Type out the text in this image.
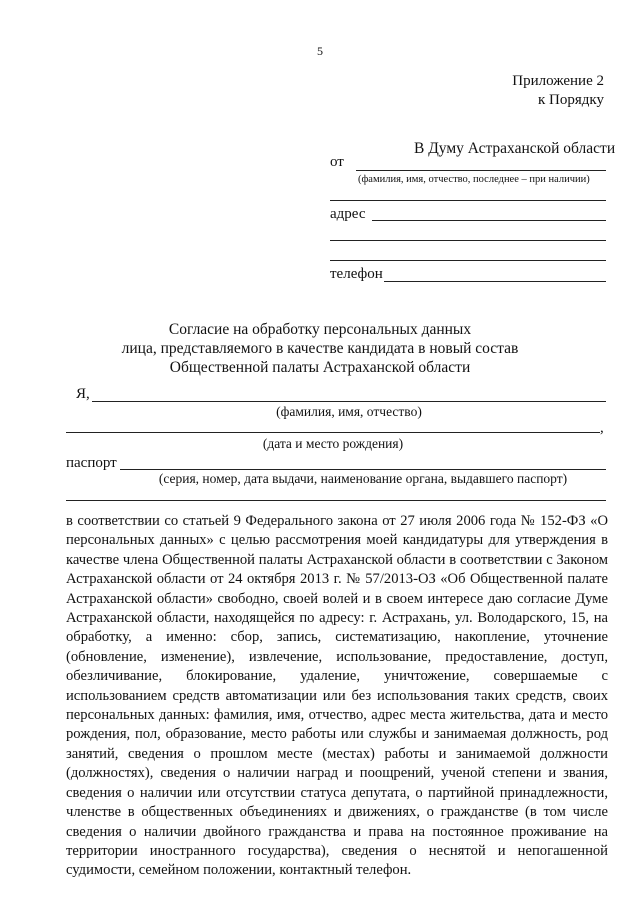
5
Приложение 2
к Порядку
В Думу Астраханской области
от
(фамилия, имя, отчество, последнее – при наличии)
адрес
телефон
Согласие на обработку персональных данных
лица, представляемого в качестве кандидата в новый состав
Общественной палаты Астраханской области
Я,
(фамилия, имя, отчество)
,
(дата и место рождения)
паспорт
(серия, номер, дата выдачи, наименование органа, выдавшего паспорт)
в соответствии со статьей 9 Федерального закона от 27 июля 2006 года № 152-ФЗ «О персональных данных» с целью рассмотрения моей кандидатуры для утверждения в качестве члена Общественной палаты Астраханской области в соответствии с Законом Астраханской области от 24 октября 2013 г. № 57/2013-ОЗ «Об Общественной палате Астраханской области» свободно, своей волей и в своем интересе даю согласие Думе Астраханской области, находящейся по адресу: г. Астрахань, ул. Володарского, 15, на обработку, а именно: сбор, запись, систематизацию, накопление, уточнение (обновление, изменение), извлечение, использование, предоставление, доступ, обезличивание, блокирование, удаление, уничтожение, совершаемые с использованием средств автоматизации или без использования таких средств, своих персональных данных: фамилия, имя, отчество, адрес места жительства, дата и место рождения, пол, образование, место работы или службы и занимаемая должность, род занятий, сведения о прошлом месте (местах) работы и занимаемой должности (должностях), сведения о наличии наград и поощрений, ученой степени и звания, сведения о наличии или отсутствии статуса депутата, о партийной принадлежности, членстве в общественных объединениях и движениях, о гражданстве (в том числе сведения о наличии двойного гражданства и права на постоянное проживание на территории иностранного государства), сведения о неснятой и непогашенной судимости, семейном положении, контактный телефон.
